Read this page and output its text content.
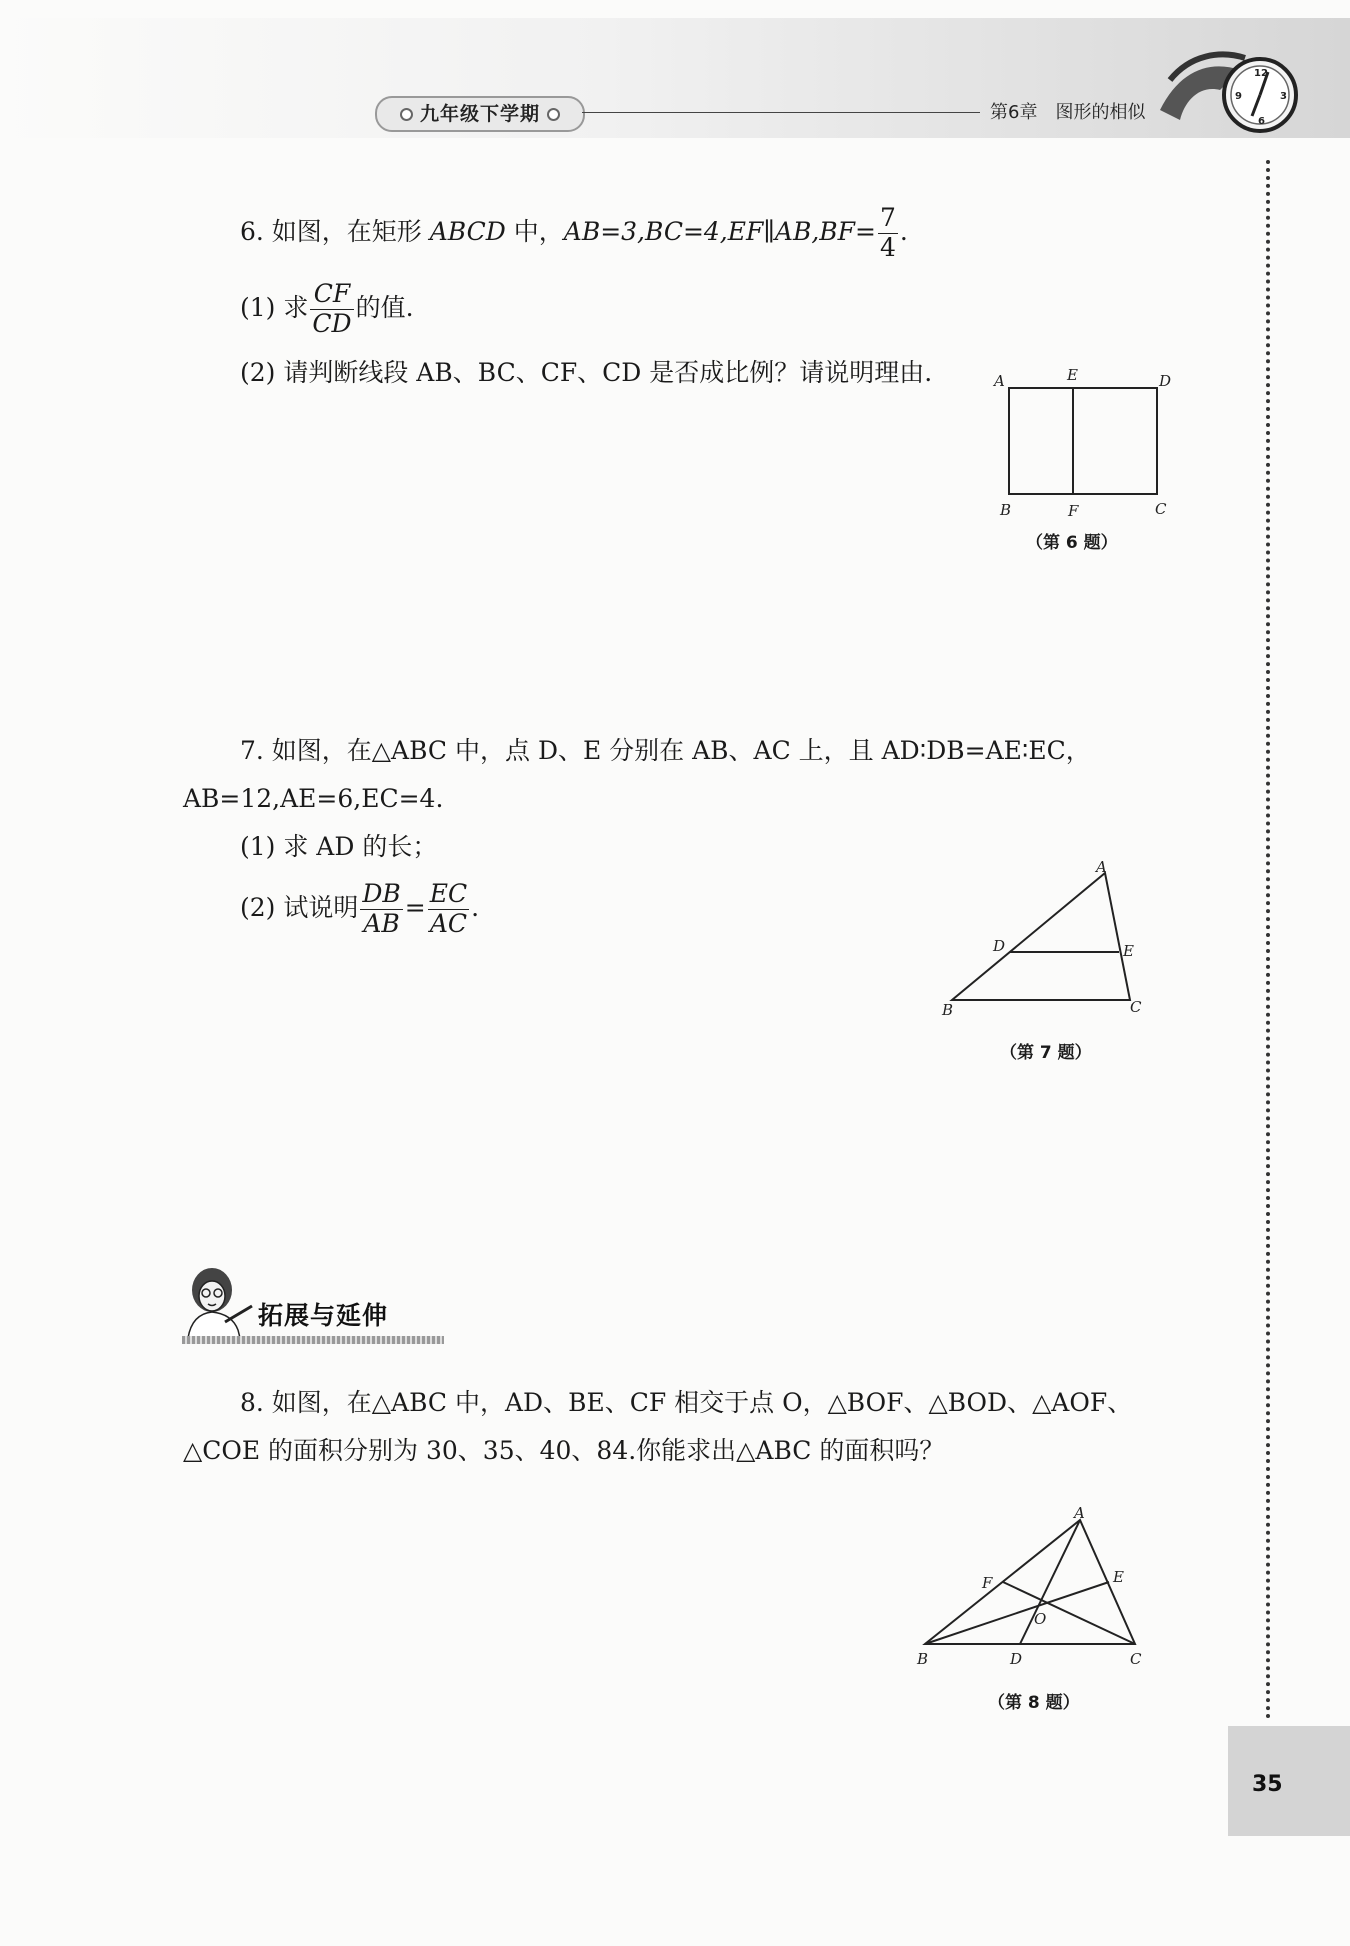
九年级下学期	第6章　图形的相似
12
6
9	3
6. 如图，在矩形 ABCD 中，AB=3,BC=4,EF∥AB,BF= $\frac{7}{4}$ .
(1) 求 $\frac{CF}{CD}$ 的值.
(2) 请判断线段 AB、BC、CF、CD 是否成比例？请说明理由.	A	E	D
B	F	C
（第 6 题）
7. 如图，在△ABC 中，点 D、E 分别在 AB、AC 上，且 AD∶DB=AE∶EC，
AB=12,AE=6,EC=4.
(1) 求 AD 的长；
(2) 试说明 $\frac{DB}{AB} = \frac{EC}{AC}$ .
A
D	E
B	C
（第 7 题）
拓展与延伸
8. 如图，在△ABC 中，AD、BE、CF 相交于点 O，△BOF、△BOD、△AOF、
△COE 的面积分别为 30、35、40、84.你能求出△ABC 的面积吗？
A
E
F
O
B	D	C
（第 8 题）
35
